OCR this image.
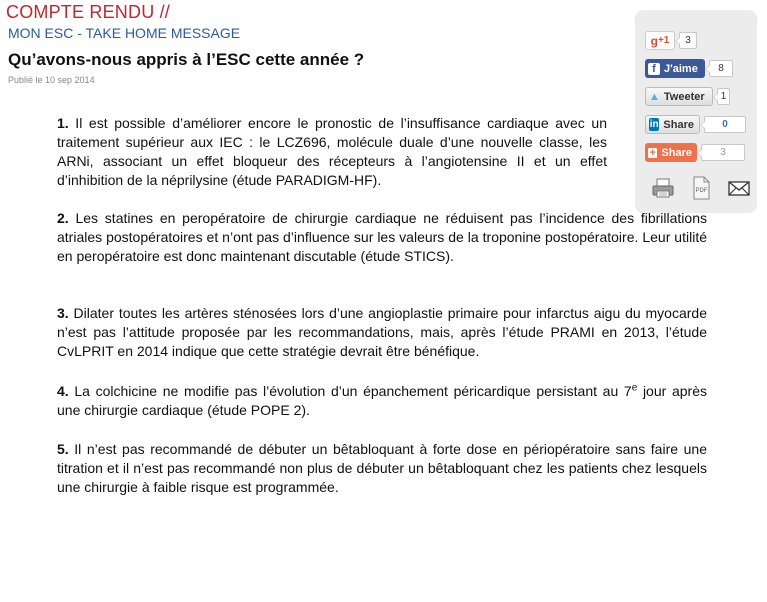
COMPTE RENDU //
MON ESC - TAKE HOME MESSAGE
Qu’avons-nous appris à l’ESC cette année ?
Publié le 10 sep 2014
g +1	3
f J'aime	8
▲ Tweeter	1
in Share	0
+ Share	3
PDF

1. Il est possible d’améliorer encore le pronostic de l’insuffisance cardiaque avec un traitement supérieur aux IEC : le LCZ696, molécule duale d’une nouvelle classe, les ARNi, associant un effet bloqueur des récepteurs à l’angiotensine II et un effet d’inhibition de la néprilysine (étude PARADIGM-HF).

2. Les statines en peropératoire de chirurgie cardiaque ne réduisent pas l’incidence des fibrillations atriales postopératoires et n’ont pas d’influence sur les valeurs de la troponine postopératoire. Leur utilité en peropératoire est donc maintenant discutable (étude STICS).

3. Dilater toutes les artères sténosées lors d’une angioplastie primaire pour infarctus aigu du myocarde n’est pas l’attitude proposée par les recommandations, mais, après l’étude PRAMI en 2013, l’étude CvLPRIT en 2014 indique que cette stratégie devrait être bénéfique.

4. La colchicine ne modifie pas l’évolution d’un épanchement péricardique persistant au 7e jour après une chirurgie cardiaque (étude POPE 2).

5. Il n’est pas recommandé de débuter un bêtabloquant à forte dose en périopératoire sans faire une titration et il n’est pas recommandé non plus de débuter un bêtabloquant chez les patients chez lesquels une chirurgie à faible risque est programmée.
